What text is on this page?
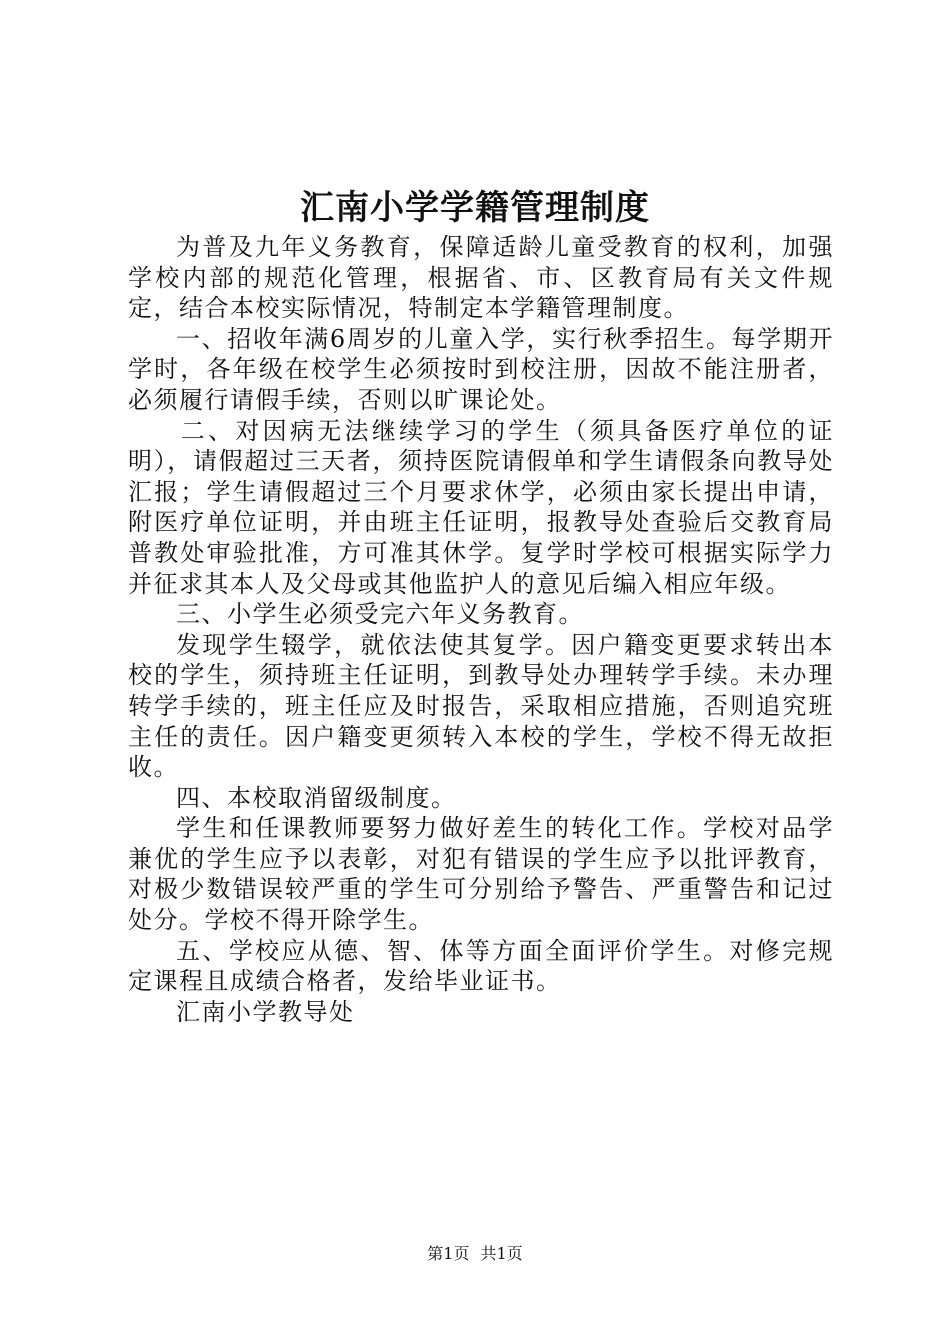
汇南小学学籍管理制度

为普及九年义务教育，保障适龄儿童受教育的权利，加强学校内部的规范化管理，根据省、市、区教育局有关文件规定，结合本校实际情况，特制定本学籍管理制度。

一、招收年满6周岁的儿童入学，实行秋季招生。每学期开学时，各年级在校学生必须按时到校注册，因故不能注册者，必须履行请假手续，否则以旷课论处。

二、对因病无法继续学习的学生（须具备医疗单位的证明），请假超过三天者，须持医院请假单和学生请假条向教导处汇报；学生请假超过三个月要求休学，必须由家长提出申请，附医疗单位证明，并由班主任证明，报教导处查验后交教育局普教处审验批准，方可准其休学。复学时学校可根据实际学力并征求其本人及父母或其他监护人的意见后编入相应年级。

三、小学生必须受完六年义务教育。

发现学生辍学，就依法使其复学。因户籍变更要求转出本校的学生，须持班主任证明，到教导处办理转学手续。未办理转学手续的，班主任应及时报告，采取相应措施，否则追究班主任的责任。因户籍变更须转入本校的学生，学校不得无故拒收。

四、本校取消留级制度。

学生和任课教师要努力做好差生的转化工作。学校对品学兼优的学生应予以表彰，对犯有错误的学生应予以批评教育，对极少数错误较严重的学生可分别给予警告、严重警告和记过处分。学校不得开除学生。

五、学校应从德、智、体等方面全面评价学生。对修完规定课程且成绩合格者，发给毕业证书。

汇南小学教导处

第1页 共1页
